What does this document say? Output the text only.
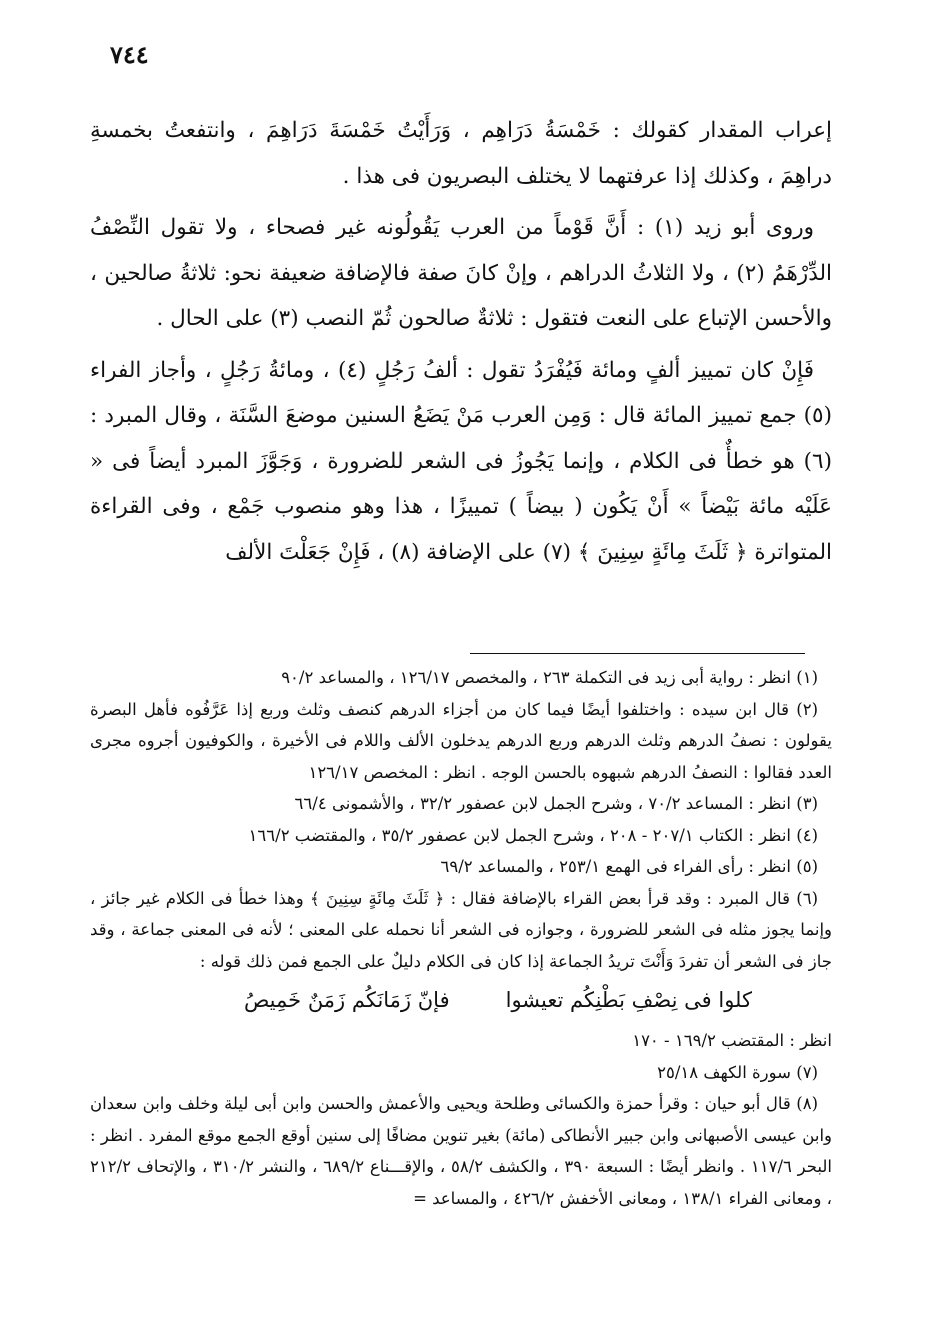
٧٤٤

إعراب المقدار كقولك : خَمْسَةُ دَرَاهِم ، وَرَأَيْتُ خَمْسَةَ دَرَاهِمَ ، وانتفعتُ بخمسةِ دراهِمَ ، وكذلك إذا عرفتهما لا يختلف البصريون فى هذا .

وروى أبو زيد (١) : أَنَّ قَوْماً من العرب يَقُولُونه غير فصحاء ، ولا تقول النِّصْفُ الدِّرْهَمُ (٢) ، ولا الثلاثُ الدراهم ، وإنْ كانَ صفة فالإضافة ضعيفة نحو: ثلاثةُ صالحين ، والأحسن الإتباع على النعت فتقول : ثلاثةٌ صالحون ثُمّ النصب (٣) على الحال .

فَإِنْ كان تمييز ألفٍ ومائة فَيُفْرَدُ تقول : ألفُ رَجُلٍ (٤) ، ومائةُ رَجُلٍ ، وأجاز الفراء (٥) جمع تمييز المائة قال : وَمِن العرب مَنْ يَضَعُ السنين موضعَ السَّنَة ، وقال المبرد : (٦) هو خطأٌ فى الكلام ، وإنما يَجُوزُ فى الشعر للضرورة ، وَجَوَّزَ المبرد أيضاً فى « عَلَيْه مائة بَيْضاً » أَنْ يَكُون ( بيضاً ) تمييزًا ، هذا وهو منصوب جَمْع ، وفى القراءة المتواترة ﴿ ثَلَثَ مِائَةٍ سِنِينَ ﴾ (٧) على الإضافة (٨) ، فَإِنْ جَعَلْتَ الألف

(١) انظر : رواية أبى زيد فى التكملة ٢٦٣ ، والمخصص ١٢٦/١٧ ، والمساعد ٩٠/٢

(٢) قال ابن سيده : واختلفوا أيضًا فيما كان من أجزاء الدرهم كنصف وثلث وربع إذا عَرَّفُوه فأهل البصرة يقولون : نصفُ الدرهم وثلث الدرهم وربع الدرهم يدخلون الألف واللام فى الأخيرة ، والكوفيون أجروه مجرى العدد فقالوا : النصفُ الدرهم شبهوه بالحسن الوجه . انظر : المخصص ١٢٦/١٧

(٣) انظر : المساعد ٧٠/٢ ، وشرح الجمل لابن عصفور ٣٢/٢ ، والأشمونى ٦٦/٤

(٤) انظر : الكتاب ٢٠٧/١ - ٢٠٨ ، وشرح الجمل لابن عصفور ٣٥/٢ ، والمقتضب ١٦٦/٢

(٥) انظر : رأى الفراء فى الهمع ٢٥٣/١ ، والمساعد ٦٩/٢

(٦) قال المبرد : وقد قرأ بعض القراء بالإضافة فقال : ﴿ ثَلَثَ مِائَةٍ سِنِينَ ﴾ وهذا خطأ فى الكلام غير جائز ، وإنما يجوز مثله فى الشعر للضرورة ، وجوازه فى الشعر أنا نحمله على المعنى ؛ لأنه فى المعنى جماعة ، وقد جاز فى الشعر أن تفردَ وَأَنْتَ تريدُ الجماعة إذا كان فى الكلام دليلٌ على الجمع فمن ذلك قوله :

كلوا فى نِصْفِ بَطْنِكُم تعيشوا
فإنّ زَمَانَكُم زَمَنٌ خَمِيصُ

انظر : المقتضب ١٦٩/٢ - ١٧٠

(٧) سورة الكهف ٢٥/١٨

(٨) قال أبو حيان : وقرأ حمزة والكسائى وطلحة ويحيى والأعمش والحسن وابن أبى ليلة وخلف وابن سعدان وابن عيسى الأصبهانى وابن جبير الأنطاكى (مائة) بغير تنوين مضافًا إلى سنين أوقع الجمع موقع المفرد . انظر : البحر ١١٧/٦ . وانظر أيضًا : السبعة ٣٩٠ ، والكشف ٥٨/٢ ، والإقـــناع ٦٨٩/٢ ، والنشر ٣١٠/٢ ، والإتحاف ٢١٢/٢ ، ومعانى الفراء ١٣٨/١ ، ومعانى الأخفش ٤٢٦/٢ ، والمساعد =
